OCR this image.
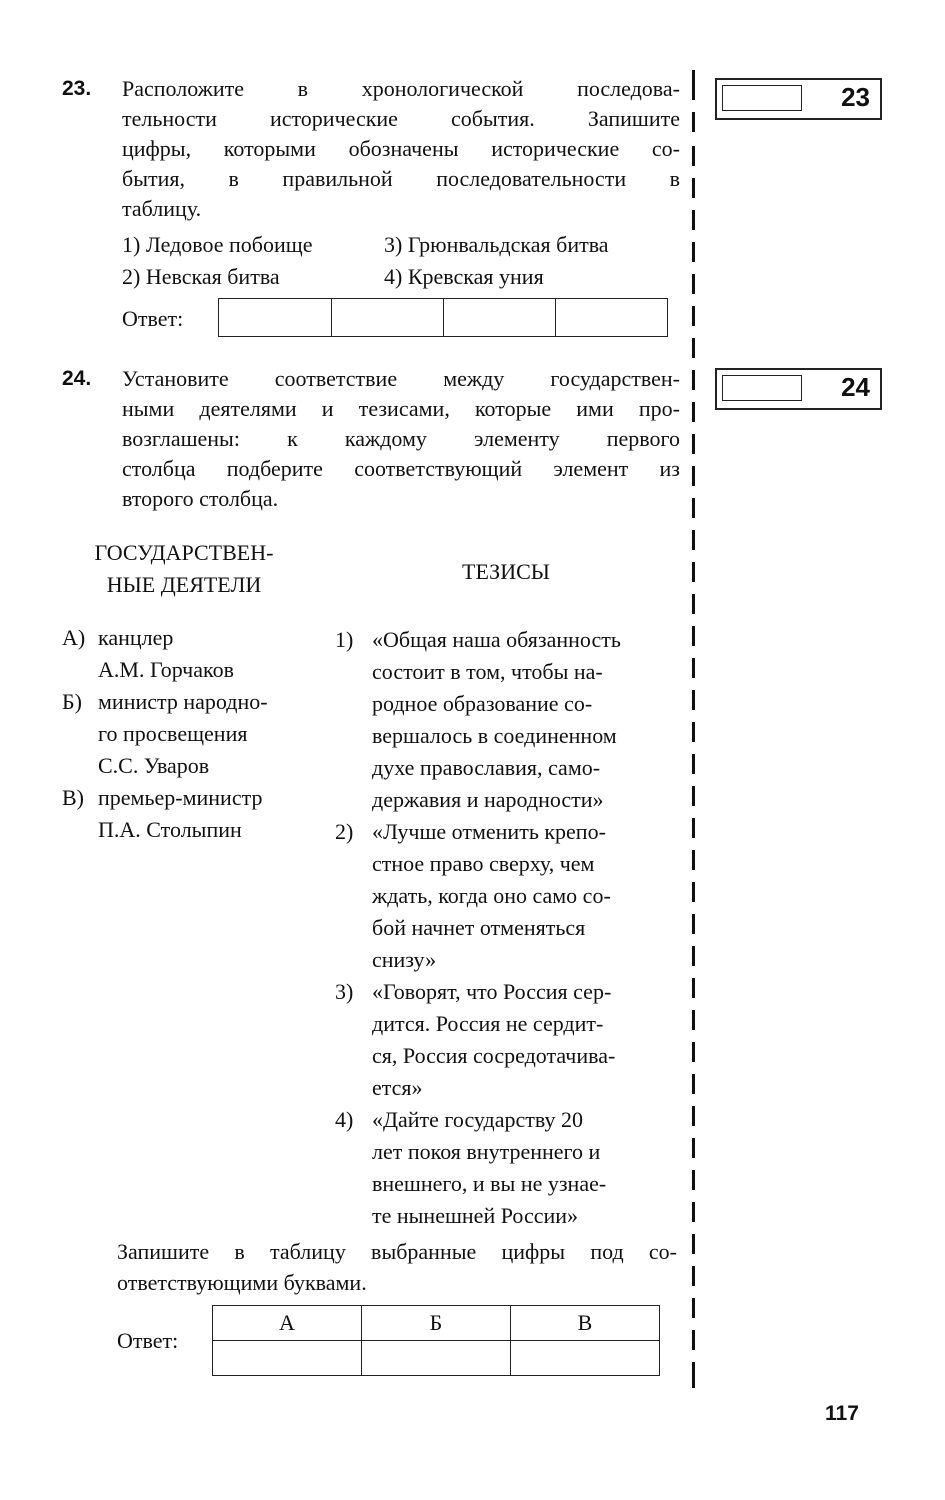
23. Расположите в хронологической последова-
тельности исторические события. Запишите
цифры, которыми обозначены исторические со-
бытия, в правильной последовательности в
таблицу.
1) Ледовое побоище	3) Грюнвальдская битва
2) Невская битва	4) Кревская уния
Ответ:
23
24. Установите соответствие между государствен-
ными деятелями и тезисами, которые ими про-
возглашены: к каждому элементу первого
столбца подберите соответствующий элемент из
второго столбца.
24
ГОСУДАРСТВЕН-
НЫЕ ДЕЯТЕЛИ
ТЕЗИСЫ
А) канцлер
А.М. Горчаков
Б) министр народно-
го просвещения
С.С. Уваров
В) премьер-министр
П.А. Столыпин
1) «Общая наша обязанность
состоит в том, чтобы на-
родное образование со-
вершалось в соединенном
духе православия, само-
державия и народности»
2) «Лучше отменить крепо-
стное право сверху, чем
ждать, когда оно само со-
бой начнет отменяться
снизу»
3) «Говорят, что Россия сер-
дится. Россия не сердит-
ся, Россия сосредотачива-
ется»
4) «Дайте государству 20
лет покоя внутреннего и
внешнего, и вы не узнае-
те нынешней России»
Запишите в таблицу выбранные цифры под со-
ответствующими буквами.
Ответ:
А	Б	В

117
